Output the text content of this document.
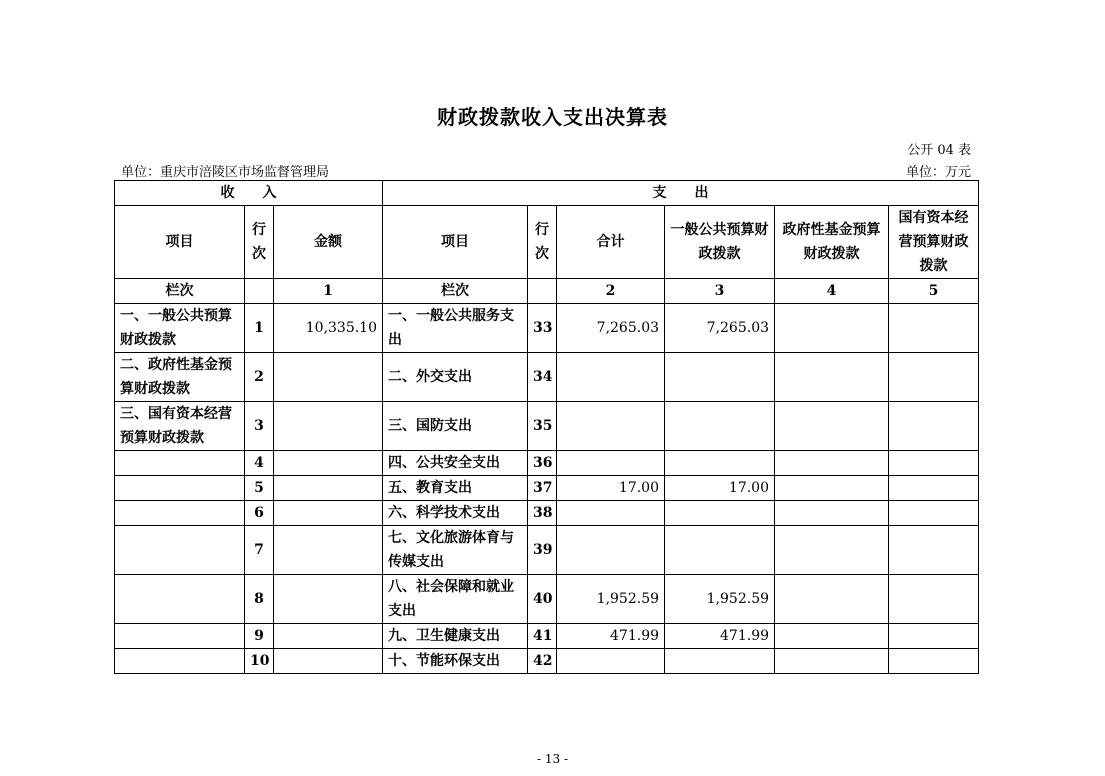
财政拨款收入支出决算表
公开 04 表
单位：重庆市涪陵区市场监督管理局	单位：万元
收　　入			支　　出					
项目	行次	金额	项目	行次	合计	一般公共预算财政拨款	政府性基金预算财政拨款	国有资本经营预算财政拨款
栏次		1	栏次		2	3	4	5
一、一般公共预算财政拨款	1	10,335.10	一、一般公共服务支出	33	7,265.03	7,265.03		
二、政府性基金预算财政拨款	2		二、外交支出	34				
三、国有资本经营预算财政拨款	3		三、国防支出	35				
	4		四、公共安全支出	36				
	5		五、教育支出	37	17.00	17.00		
	6		六、科学技术支出	38				
	7		七、文化旅游体育与传媒支出	39				
	8		八、社会保障和就业支出	40	1,952.59	1,952.59		
	9		九、卫生健康支出	41	471.99	471.99		
	10		十、节能环保支出	42				
- 13 -
